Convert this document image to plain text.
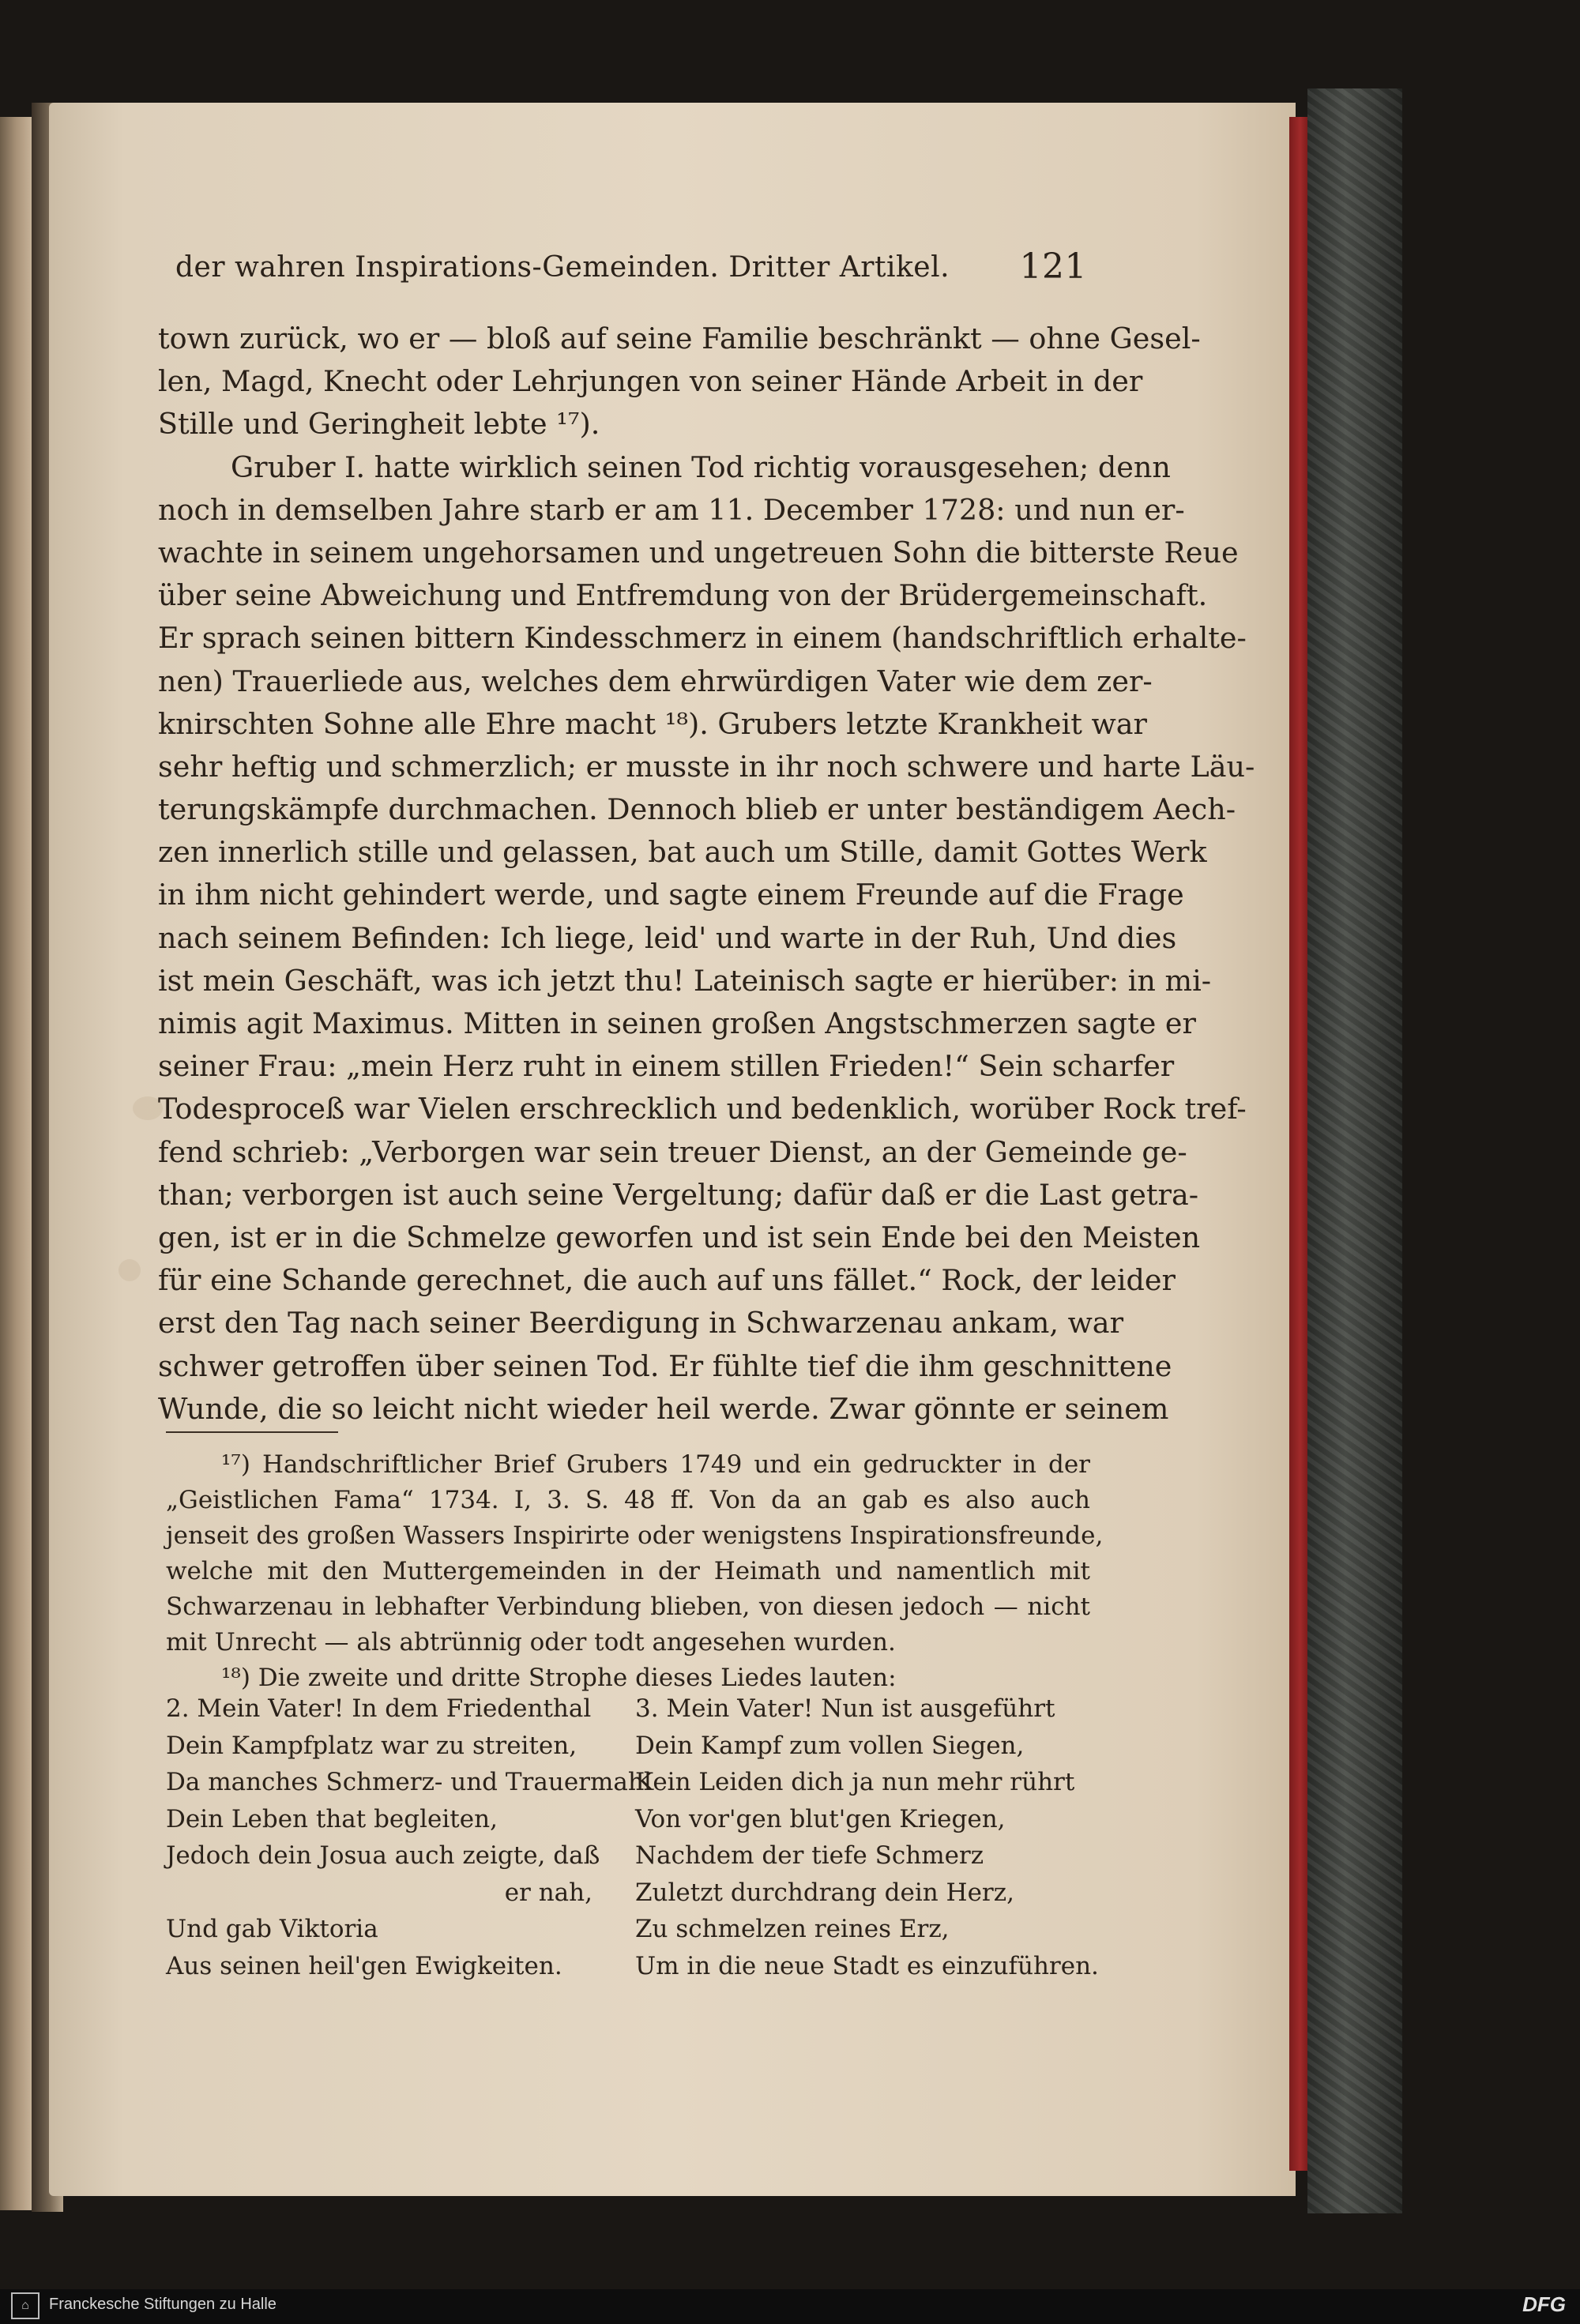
der wahren Inspirations-Gemeinden. Dritter Artikel. 121
town zurück, wo er — bloß auf seine Familie beschränkt — ohne Gesel-
len, Magd, Knecht oder Lehrjungen von seiner Hände Arbeit in der
Stille und Geringheit lebte ¹⁷).
Gruber I. hatte wirklich seinen Tod richtig vorausgesehen; denn
noch in demselben Jahre starb er am 11. December 1728: und nun er-
wachte in seinem ungehorsamen und ungetreuen Sohn die bitterste Reue
über seine Abweichung und Entfremdung von der Brüdergemeinschaft.
Er sprach seinen bittern Kindesschmerz in einem (handschriftlich erhalte-
nen) Trauerliede aus, welches dem ehrwürdigen Vater wie dem zer-
knirschten Sohne alle Ehre macht ¹⁸). Grubers letzte Krankheit war
sehr heftig und schmerzlich; er musste in ihr noch schwere und harte Läu-
terungskämpfe durchmachen. Dennoch blieb er unter beständigem Aech-
zen innerlich stille und gelassen, bat auch um Stille, damit Gottes Werk
in ihm nicht gehindert werde, und sagte einem Freunde auf die Frage
nach seinem Befinden: Ich liege, leid' und warte in der Ruh, Und dies
ist mein Geschäft, was ich jetzt thu! Lateinisch sagte er hierüber: in mi-
nimis agit Maximus. Mitten in seinen großen Angstschmerzen sagte er
seiner Frau: „mein Herz ruht in einem stillen Frieden!“ Sein scharfer
Todesproceß war Vielen erschrecklich und bedenklich, worüber Rock tref-
fend schrieb: „Verborgen war sein treuer Dienst, an der Gemeinde ge-
than; verborgen ist auch seine Vergeltung; dafür daß er die Last getra-
gen, ist er in die Schmelze geworfen und ist sein Ende bei den Meisten
für eine Schande gerechnet, die auch auf uns fället.“ Rock, der leider
erst den Tag nach seiner Beerdigung in Schwarzenau ankam, war
schwer getroffen über seinen Tod. Er fühlte tief die ihm geschnittene
Wunde, die so leicht nicht wieder heil werde. Zwar gönnte er seinem
¹⁷) Handschriftlicher Brief Grubers 1749 und ein gedruckter in der
„Geistlichen Fama“ 1734. I, 3. S. 48 ff. Von da an gab es also auch
jenseit des großen Wassers Inspirirte oder wenigstens Inspirationsfreunde,
welche mit den Muttergemeinden in der Heimath und namentlich mit
Schwarzenau in lebhafter Verbindung blieben, von diesen jedoch — nicht
mit Unrecht — als abtrünnig oder todt angesehen wurden.
¹⁸) Die zweite und dritte Strophe dieses Liedes lauten:
2. Mein Vater! In dem Friedenthal
Dein Kampfplatz war zu streiten,
Da manches Schmerz- und Trauermahl
Dein Leben that begleiten,
Jedoch dein Josua auch zeigte, daß
er nah,
Und gab Viktoria
Aus seinen heil'gen Ewigkeiten.
3. Mein Vater! Nun ist ausgeführt
Dein Kampf zum vollen Siegen,
Kein Leiden dich ja nun mehr rührt
Von vor'gen blut'gen Kriegen,
Nachdem der tiefe Schmerz
Zuletzt durchdrang dein Herz,
Zu schmelzen reines Erz,
Um in die neue Stadt es einzuführen.
⌂	Franckesche Stiftungen zu Halle	DFG
